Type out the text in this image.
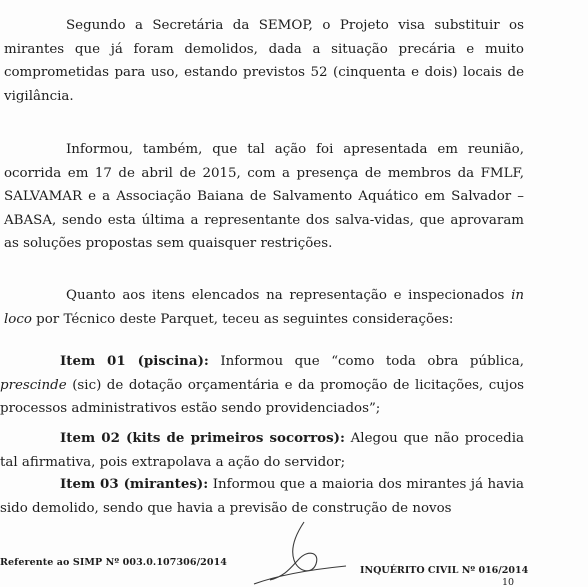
Segundo a Secretária da SEMOP, o Projeto visa substituir os mirantes que já foram demolidos, dada a situação precária e muito comprometidas para uso, estando previstos 52 (cinquenta e dois) locais de vigilância.

Informou, também, que tal ação foi apresentada em reunião, ocorrida em 17 de abril de 2015, com a presença de membros da FMLF, SALVAMAR e a Associação Baiana de Salvamento Aquático em Salvador – ABASA, sendo esta última a representante dos salva-vidas, que aprovaram as soluções propostas sem quaisquer restrições.

Quanto aos itens elencados na representação e inspecionados in loco por Técnico deste Parquet, teceu as seguintes considerações:

Item 01 (piscina): Informou que “como toda obra pública, prescinde (sic) de dotação orçamentária e da promoção de licitações, cujos processos administrativos estão sendo providenciados”;

Item 02 (kits de primeiros socorros): Alegou que não procedia tal afirmativa, pois extrapolava a ação do servidor;

Item 03 (mirantes): Informou que a maioria dos mirantes já havia sido demolido, sendo que havia a previsão de construção de novos

Referente ao SIMP Nº 003.0.107306/2014
INQUÉRITO CIVIL Nº 016/2014
10
